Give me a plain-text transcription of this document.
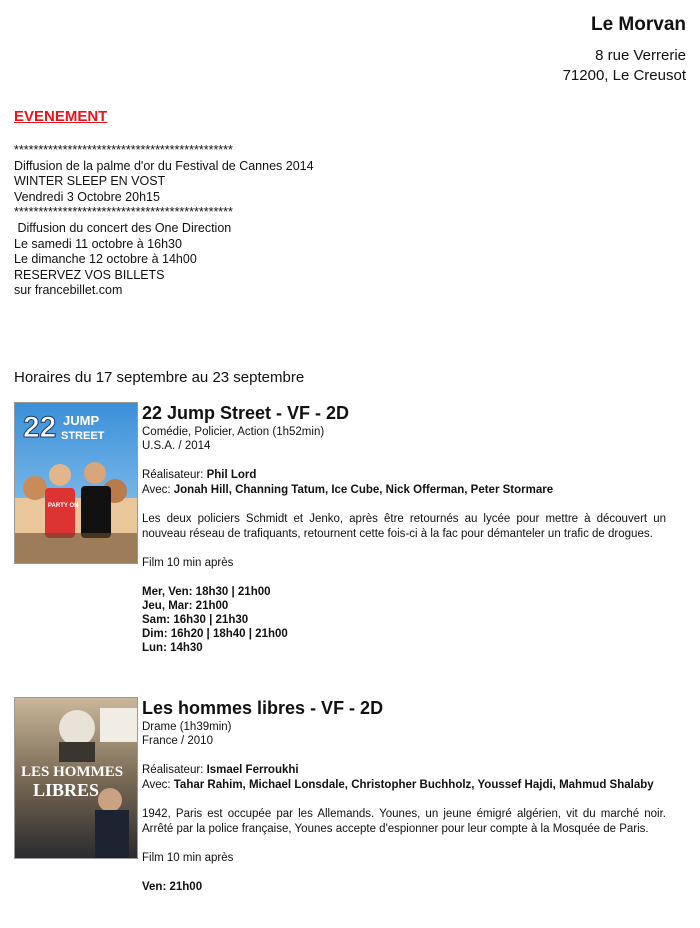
Le Morvan
8 rue Verrerie
71200, Le Creusot
EVENEMENT
*********************************************
Diffusion de la palme d'or du Festival de Cannes 2014
WINTER SLEEP EN VOST
Vendredi 3 Octobre 20h15
*********************************************
Diffusion du concert des One Direction
Le samedi 11 octobre à 16h30
Le dimanche 12 octobre à 14h00
RESERVEZ VOS BILLETS
sur francebillet.com
Horaires du 17 septembre au 23 septembre
22 JUMP
STREET
PARTY ON
22 Jump Street - VF - 2D
Comédie, Policier, Action (1h52min)
U.S.A. / 2014
Réalisateur: Phil Lord
Avec: Jonah Hill, Channing Tatum, Ice Cube, Nick Offerman, Peter Stormare
Les deux policiers Schmidt et Jenko, après être retournés au lycée pour mettre à découvert un nouveau réseau de trafiquants, retournent cette fois-ci à la fac pour démanteler un trafic de drogues.
Film 10 min après
Mer, Ven: 18h30 | 21h00
Jeu, Mar: 21h00
Sam: 16h30 | 21h30
Dim: 16h20 | 18h40 | 21h00
Lun: 14h30
LES HOMMES
LIBRES
Les hommes libres - VF - 2D
Drame (1h39min)
France / 2010
Réalisateur: Ismael Ferroukhi
Avec: Tahar Rahim, Michael Lonsdale, Christopher Buchholz, Youssef Hajdi, Mahmud Shalaby
1942, Paris est occupée par les Allemands. Younes, un jeune émigré algérien, vit du marché noir. Arrêté par la police française, Younes accepte d'espionner pour leur compte à la Mosquée de Paris.
Film 10 min après
Ven: 21h00
